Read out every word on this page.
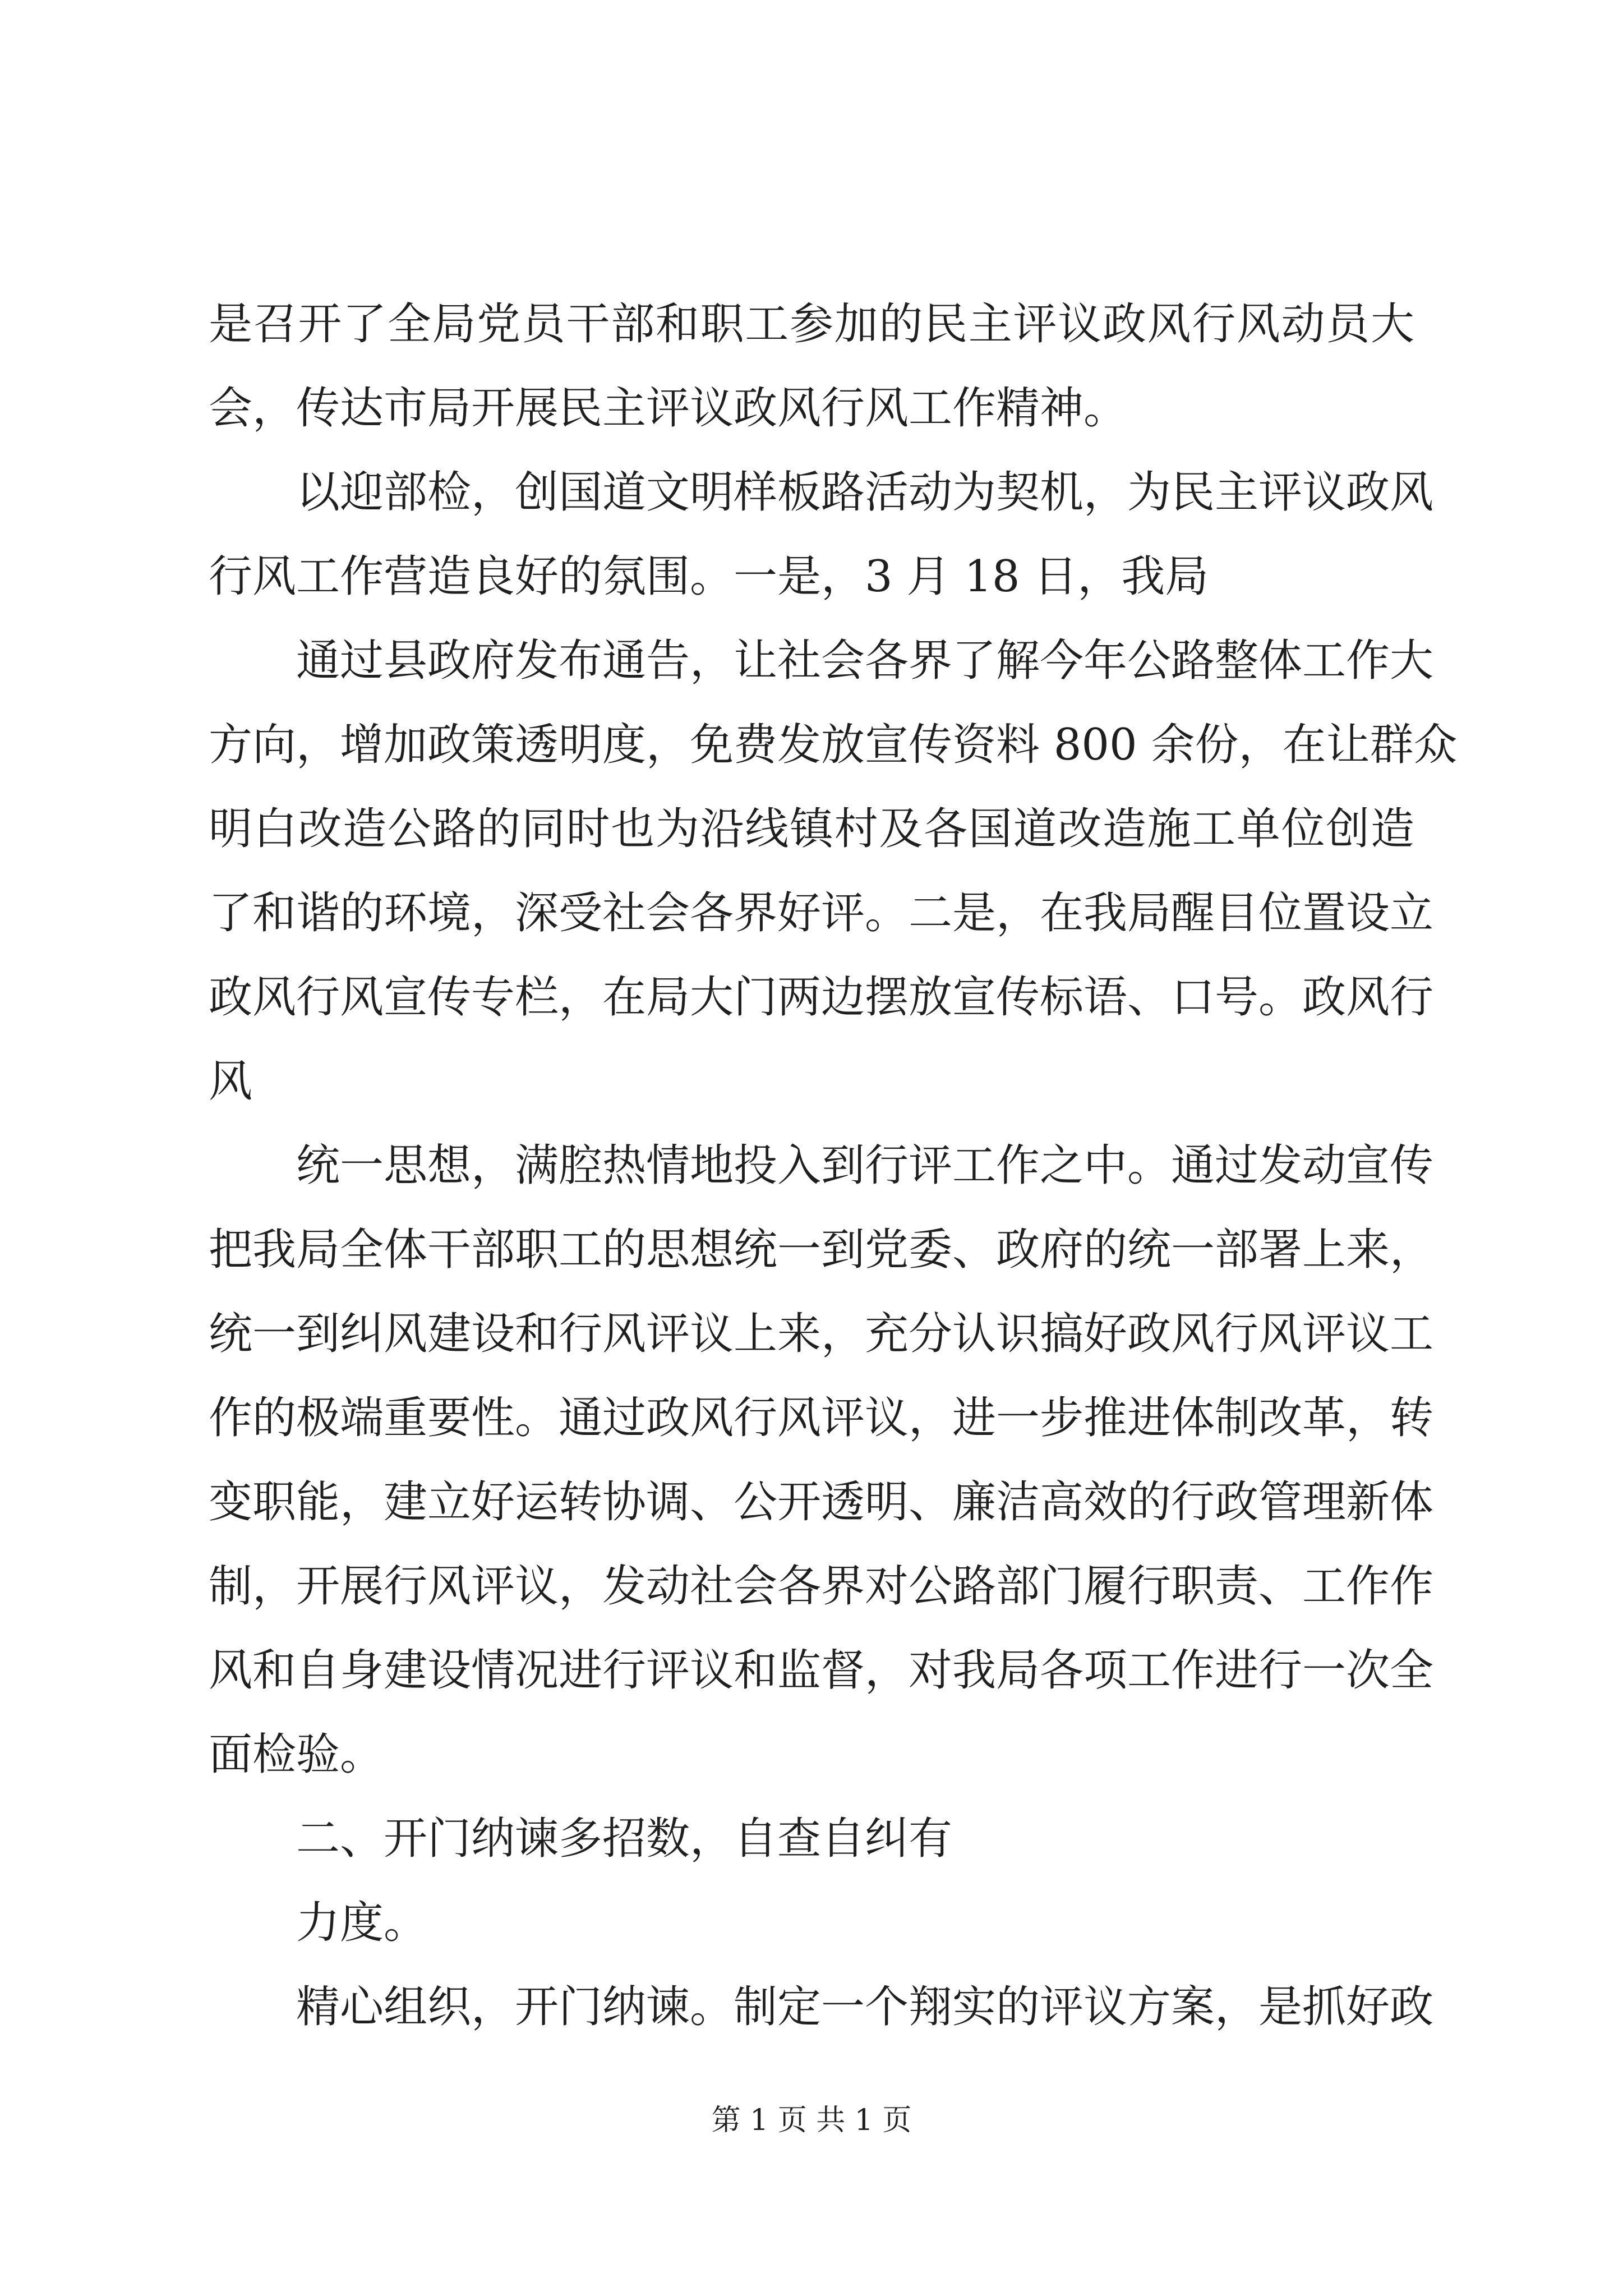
是召开了全局党员干部和职工参加的民主评议政风行风动员大
会，传达市局开展民主评议政风行风工作精神。
以迎部检，创国道文明样板路活动为契机，为民主评议政风
行风工作营造良好的氛围。一是，3 月 18 日，我局
通过县政府发布通告，让社会各界了解今年公路整体工作大
方向，增加政策透明度，免费发放宣传资料 800 余份，在让群众
明白改造公路的同时也为沿线镇村及各国道改造施工单位创造
了和谐的环境，深受社会各界好评。二是，在我局醒目位置设立
政风行风宣传专栏，在局大门两边摆放宣传标语、口号。政风行
风
统一思想，满腔热情地投入到行评工作之中。通过发动宣传
把我局全体干部职工的思想统一到党委、政府的统一部署上来，
统一到纠风建设和行风评议上来，充分认识搞好政风行风评议工
作的极端重要性。通过政风行风评议，进一步推进体制改革，转
变职能，建立好运转协调、公开透明、廉洁高效的行政管理新体
制，开展行风评议，发动社会各界对公路部门履行职责、工作作
风和自身建设情况进行评议和监督，对我局各项工作进行一次全
面检验。
二、开门纳谏多招数，自查自纠有
力度。
精心组织，开门纳谏。制定一个翔实的评议方案，是抓好政
第 1 页 共 1 页
